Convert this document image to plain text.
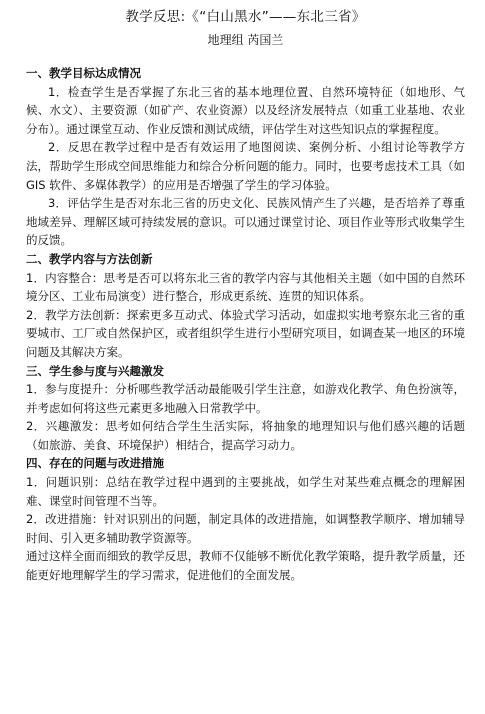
教学反思:《“白山黑水”——东北三省》
地理组 芮国兰

一、教学目标达成情况

1．检查学生是否掌握了东北三省的基本地理位置、自然环境特征（如地形、气候、水文）、主要资源（如矿产、农业资源）以及经济发展特点（如重工业基地、农业分布）。通过课堂互动、作业反馈和测试成绩，评估学生对这些知识点的掌握程度。

2．反思在教学过程中是否有效运用了地图阅读、案例分析、小组讨论等教学方法，帮助学生形成空间思维能力和综合分析问题的能力。同时，也要考虑技术工具（如 GIS 软件、多媒体教学）的应用是否增强了学生的学习体验。

3．评估学生是否对东北三省的历史文化、民族风情产生了兴趣，是否培养了尊重地域差异、理解区域可持续发展的意识。可以通过课堂讨论、项目作业等形式收集学生的反馈。

二、教学内容与方法创新

1．内容整合：思考是否可以将东北三省的教学内容与其他相关主题（如中国的自然环境分区、工业布局演变）进行整合，形成更系统、连贯的知识体系。

2．教学方法创新：探索更多互动式、体验式学习活动，如虚拟实地考察东北三省的重要城市、工厂或自然保护区，或者组织学生进行小型研究项目，如调查某一地区的环境问题及其解决方案。

三、学生参与度与兴趣激发

1．参与度提升：分析哪些教学活动最能吸引学生注意，如游戏化教学、角色扮演等，并考虑如何将这些元素更多地融入日常教学中。

2．兴趣激发：思考如何结合学生生活实际，将抽象的地理知识与他们感兴趣的话题（如旅游、美食、环境保护）相结合，提高学习动力。

四、存在的问题与改进措施

1．问题识别：总结在教学过程中遇到的主要挑战，如学生对某些难点概念的理解困难、课堂时间管理不当等。

2．改进措施：针对识别出的问题，制定具体的改进措施，如调整教学顺序、增加辅导时间、引入更多辅助教学资源等。

通过这样全面而细致的教学反思，教师不仅能够不断优化教学策略，提升教学质量，还能更好地理解学生的学习需求，促进他们的全面发展。
